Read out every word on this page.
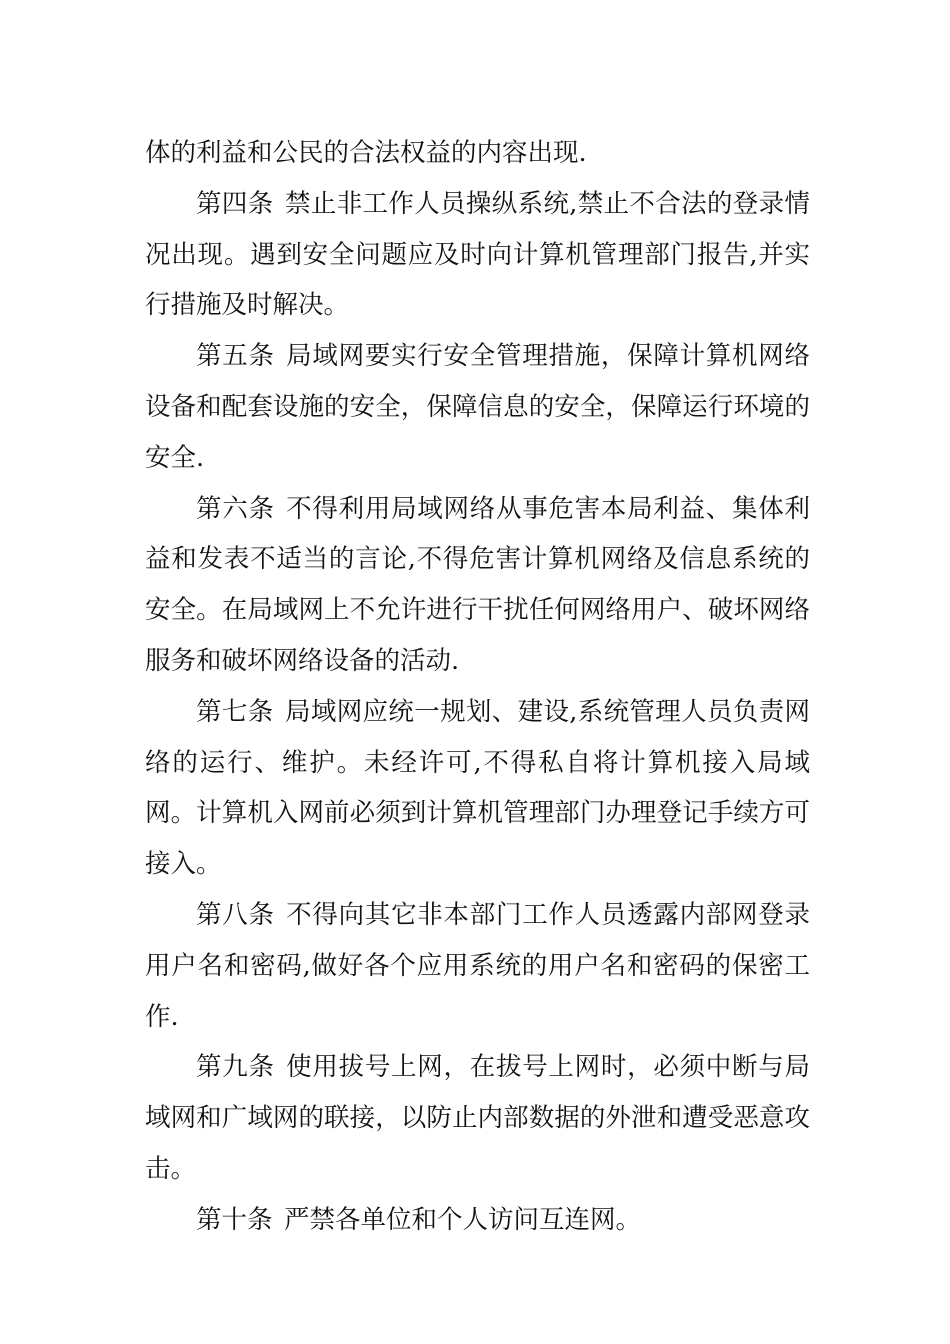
体的利益和公民的合法权益的内容出现.

第四条 禁止非工作人员操纵系统,禁止不合法的登录情况出现。遇到安全问题应及时向计算机管理部门报告,并实行措施及时解决。

第五条 局域网要实行安全管理措施，保障计算机网络设备和配套设施的安全，保障信息的安全，保障运行环境的安全.

第六条 不得利用局域网络从事危害本局利益、集体利益和发表不适当的言论,不得危害计算机网络及信息系统的安全。在局域网上不允许进行干扰任何网络用户、破坏网络服务和破坏网络设备的活动.

第七条 局域网应统一规划、建设,系统管理人员负责网络的运行、维护。未经许可,不得私自将计算机接入局域网。计算机入网前必须到计算机管理部门办理登记手续方可接入。

第八条 不得向其它非本部门工作人员透露内部网登录用户名和密码,做好各个应用系统的用户名和密码的保密工作.

第九条 使用拔号上网，在拔号上网时，必须中断与局域网和广域网的联接，以防止内部数据的外泄和遭受恶意攻击。

第十条 严禁各单位和个人访问互连网。
